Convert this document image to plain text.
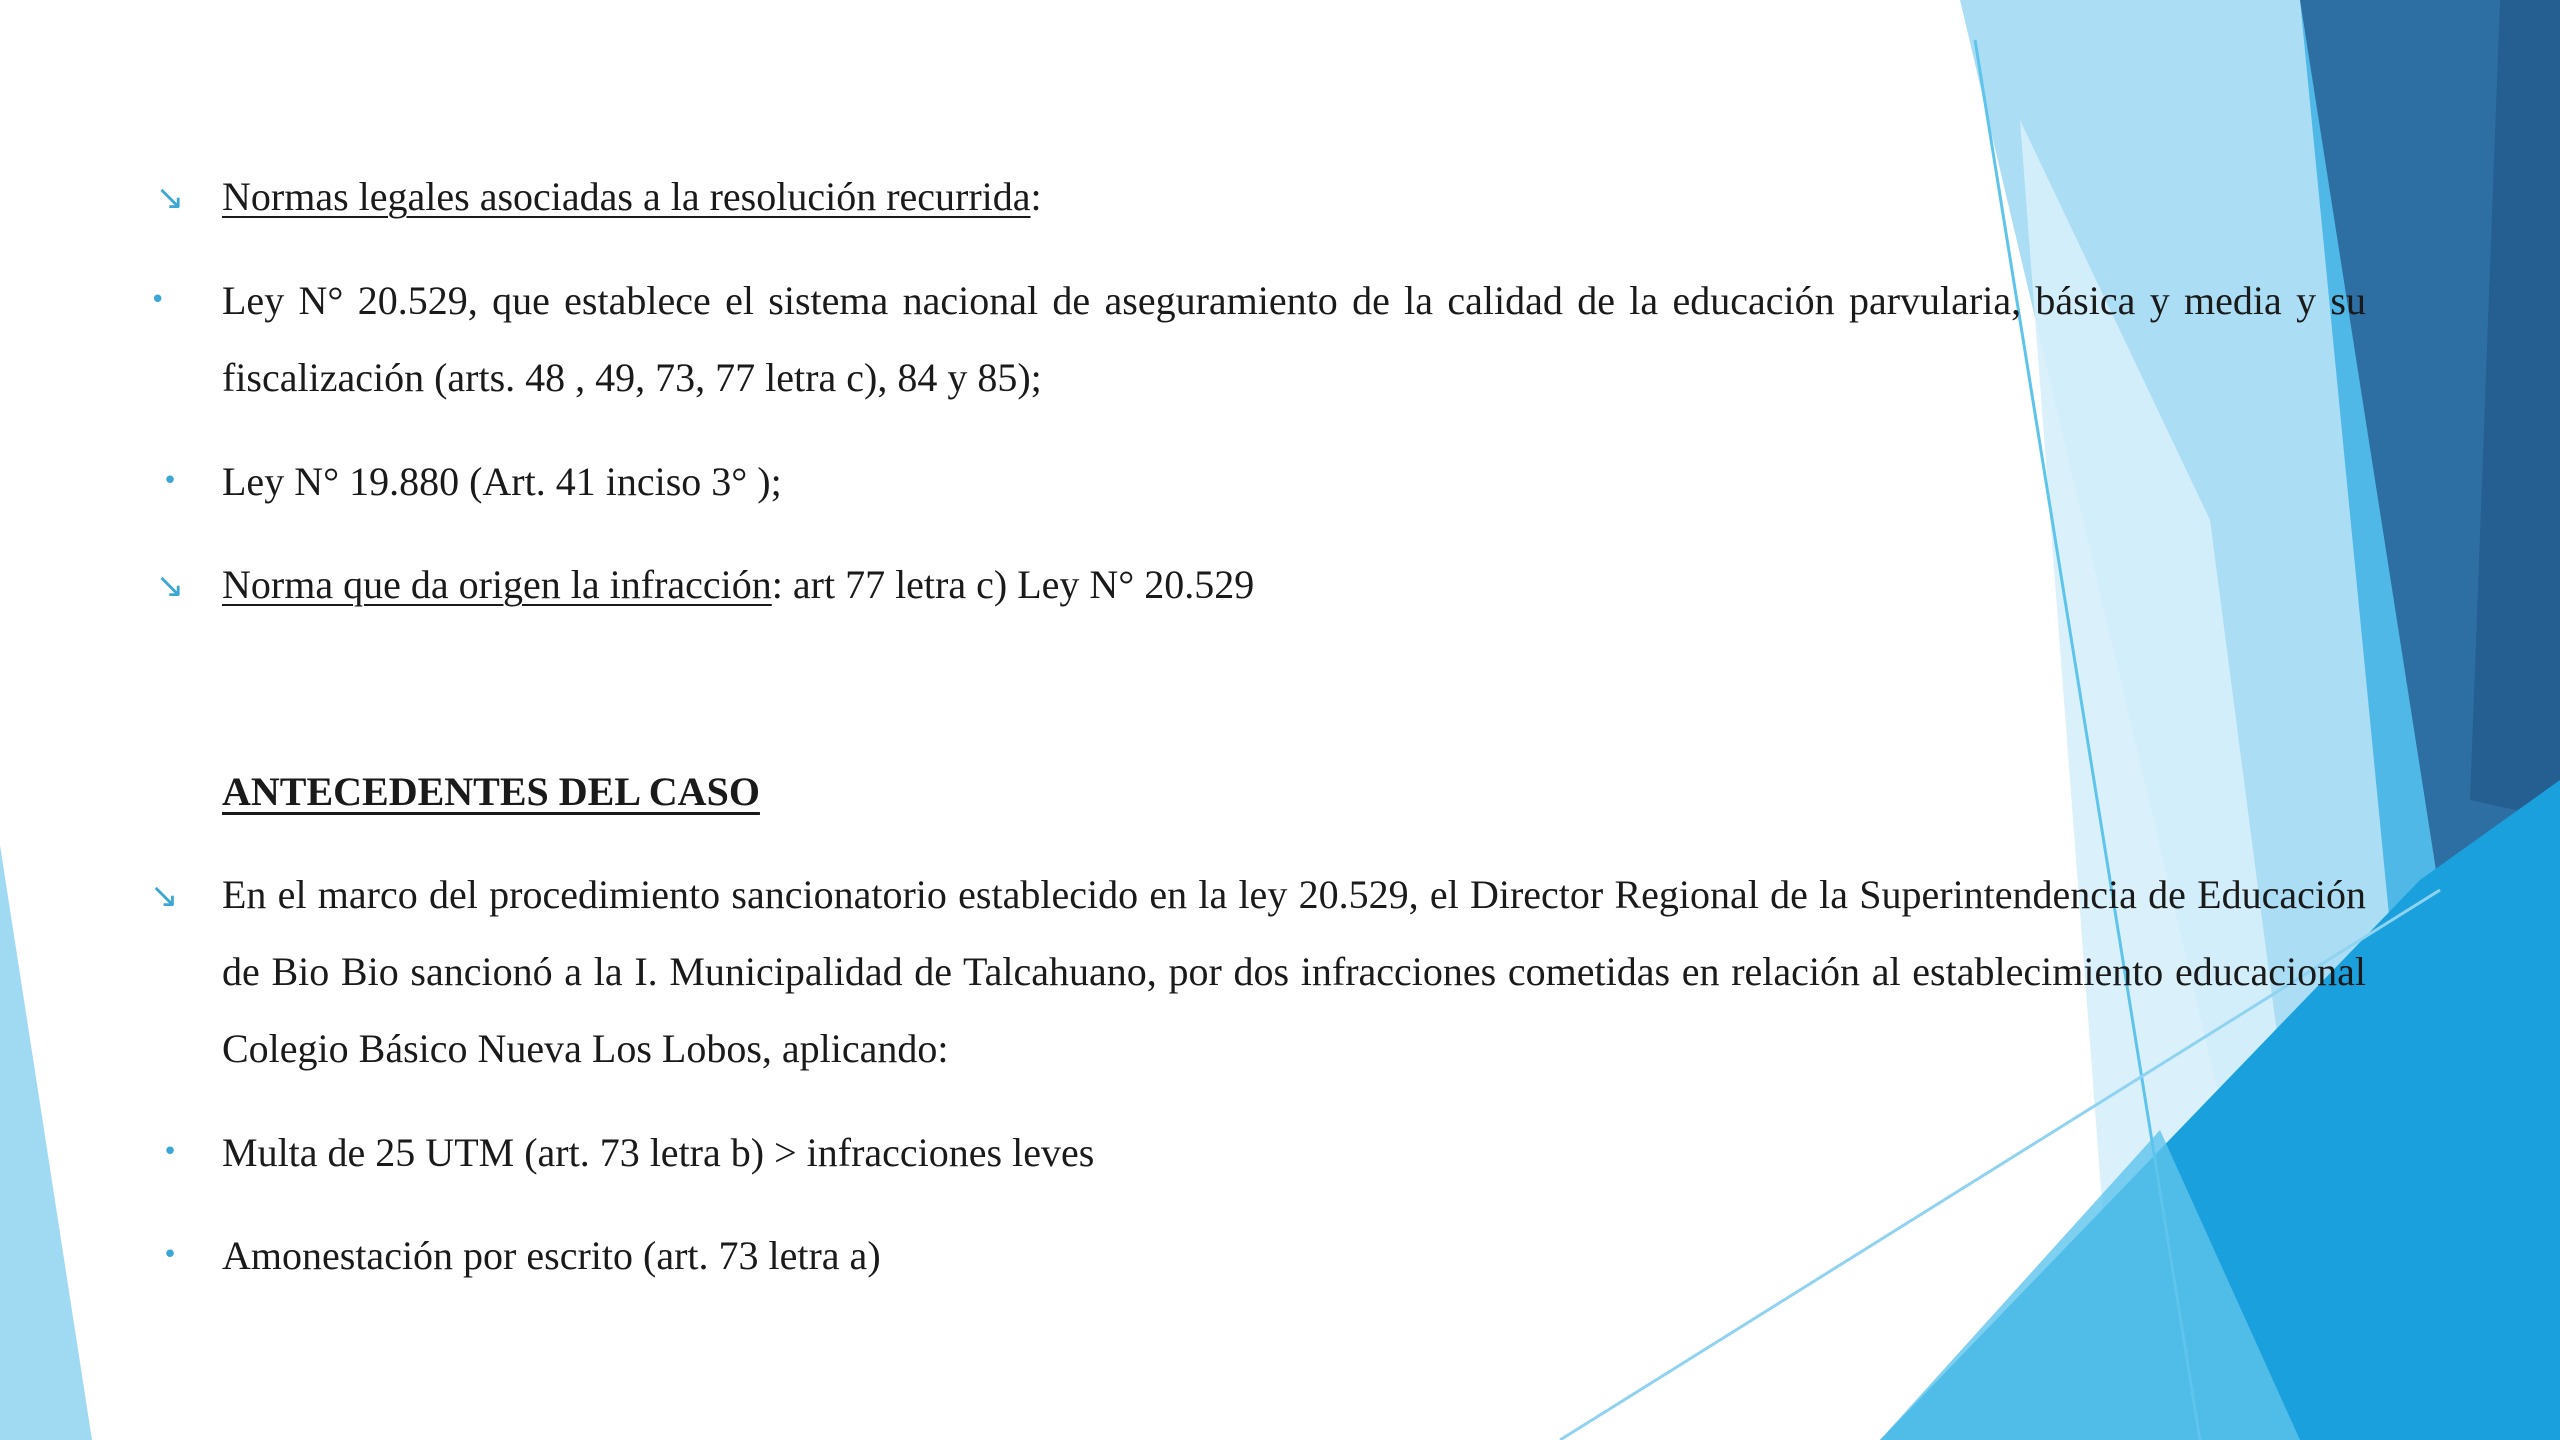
↘ Normas legales asociadas a la resolución recurrida:
•	Ley N° 20.529, que establece el sistema nacional de aseguramiento de la calidad de la educación parvularia, básica y media y su fiscalización (arts. 48 , 49, 73, 77 letra c), 84 y 85);
•	Ley N° 19.880 (Art. 41 inciso 3° );
↘ Norma que da origen la infracción: art 77 letra c) Ley N° 20.529
ANTECEDENTES DEL CASO
↘ En el marco del procedimiento sancionatorio establecido en la ley 20.529, el Director Regional de la Superintendencia de Educación de Bio Bio sancionó a la I. Municipalidad de Talcahuano, por dos infracciones cometidas en relación al establecimiento educacional Colegio Básico Nueva Los Lobos, aplicando:
•	Multa de 25 UTM (art. 73 letra b) > infracciones leves
•	Amonestación por escrito (art. 73 letra a)
